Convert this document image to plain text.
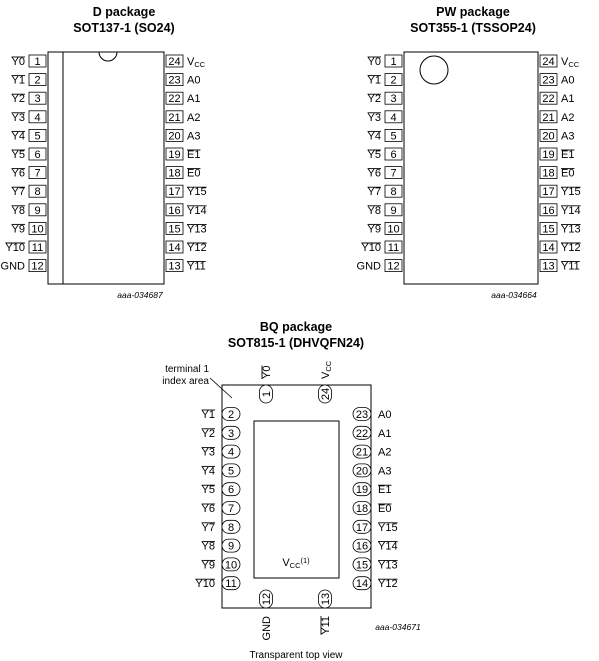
D package
SOT137-1 (SO24)
1
Y0
2
Y1
3
Y2
4
Y3
5
Y4
6
Y5
7
Y6
8
Y7
9
Y8
10
Y9
11
Y10
12
GND
24 VCC
23 A0
22 A1
21 A2
20 A3
19 E1
18 E0
17 Y15
16 Y14
15 Y13
14 Y12
13 Y11
aaa-034687
PW package
SOT355-1 (TSSOP24)
1
Y0
2
Y1
3
Y2
4
Y3
5
Y4
6
Y5
7
Y6
8
Y7
9
Y8
10
Y9
11
Y10
12
GND
24 VCC
23 A0
22 A1
21 A2
20 A3
19 E1
18 E0
17 Y15
16 Y14
15 Y13
14 Y12
13 Y11
aaa-034664
BQ package
SOT815-1 (DHVQFN24)
VCC$^{(1)}$
terminal 1
index area
1
Y0
24
VCC
12
GND
13
Y11
2
Y1
3
Y2
4
Y3
5
Y4
6
Y5
7
Y6
8
Y7
9
Y8
10
Y9
11
Y10
23 A0
22 A1
21 A2
20 A3
19 E1
18 E0
17 Y15
16 Y14
15 Y13
14 Y12
aaa-034671
Transparent top view
